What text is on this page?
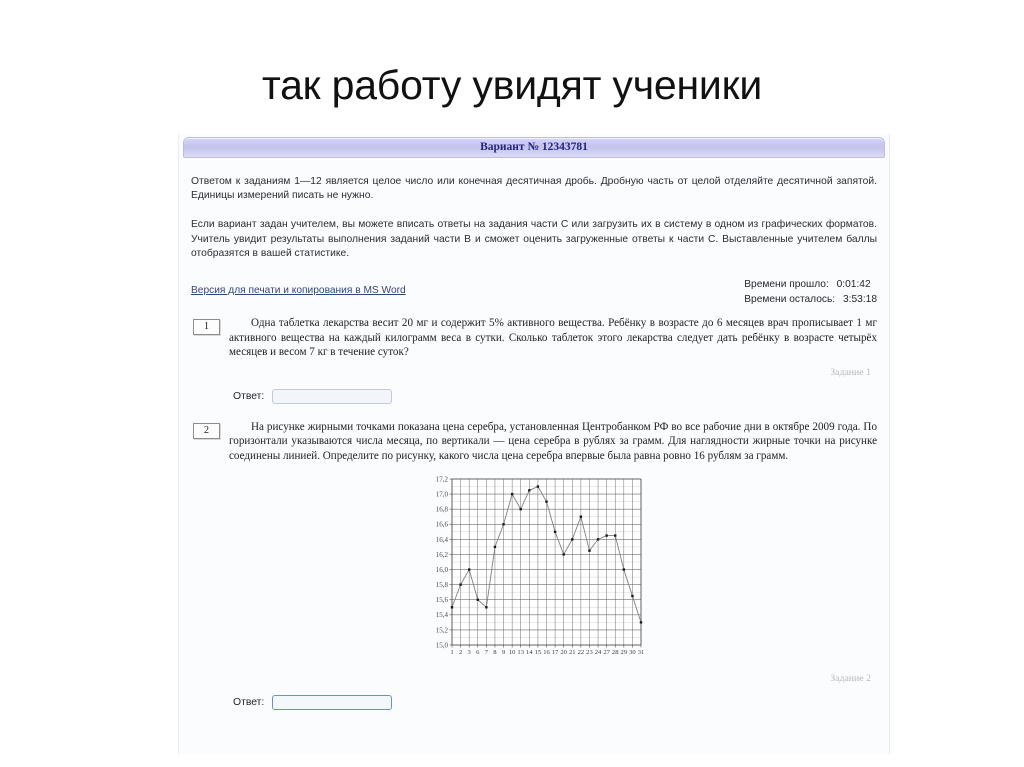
так работу увидят ученики
Вариант № 12343781
Ответом к заданиям 1—12 является целое число или конечная десятичная дробь. Дробную часть от целой отделяйте десятичной запятой. Единицы измерений писать не нужно.
Если вариант задан учителем, вы можете вписать ответы на задания части С или загрузить их в систему в одном из графических форматов. Учитель увидит результаты выполнения заданий части В и сможет оценить загруженные ответы к части С. Выставленные учителем баллы отобразятся в вашей статистике.
Версия для печати и копирования в MS Word
Времени прошло: 0:01:42
Времени осталось: 3:53:18
1	Одна таблетка лекарства весит 20 мг и содержит 5% активного вещества. Ребёнку в возрасте до 6 месяцев врач прописывает 1 мг активного вещества на каждый килограмм веса в сутки. Сколько таблеток этого лекарства следует дать ребёнку в возрасте четырёх месяцев и весом 7 кг в течение суток?
Задание 1
Ответ:
2	На рисунке жирными точками показана цена серебра, установленная Центробанком РФ во все рабочие дни в октябре 2009 года. По горизонтали указываются числа месяца, по вертикали — цена серебра в рублях за грамм. Для наглядности жирные точки на рисунке соединены линией. Определите по рисунку, какого числа цена серебра впервые была равна ровно 16 рублям за грамм.
15,0
15,2
15,4
15,6
15,8
16,0
16,2
16,4
16,6
16,8
17,0
17,2
1 2 3 6 7 8 9 10 13 14 15 16 17 20 21 22 23 24 27 28 29 30 31
Задание 2
Ответ:
